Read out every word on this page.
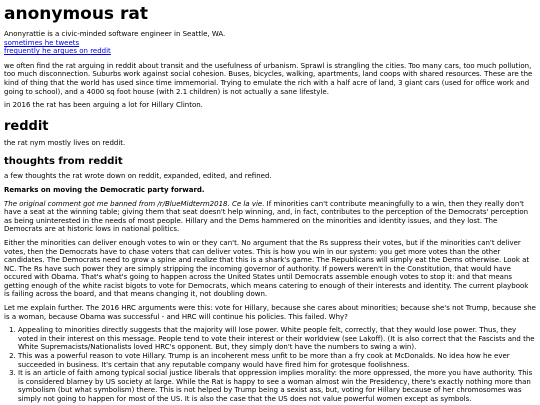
anonymous rat

Anonyrattie is a civic-minded software engineer in Seattle, WA.

sometimes he tweets
frequently he argues on reddit

we often find the rat arguing in reddit about transit and the usefulness of urbanism. Sprawl is strangling the cities. Too many cars, too much pollution, too much disconnection. Suburbs work against social cohesion. Buses, bicycles, walking, apartments, land coops with shared resources. These are the kind of thing that the world has used since time immemorial. Trying to emulate the rich with a half acre of land, 3 giant cars (used for office work and going to school), and a 4000 sq foot house (with 2.1 children) is not actually a sane lifestyle.

in 2016 the rat has been arguing a lot for Hillary Clinton.

reddit

the rat nym mostly lives on reddit.

thoughts from reddit

a few thoughts the rat wrote down on reddit, expanded, edited, and refined.

Remarks on moving the Democratic party forward.

The original comment got me banned from /r/BlueMidterm2018. Ce la vie. If minorities can't contribute meaningfully to a win, then they really don't have a seat at the winning table; giving them that seat doesn't help winning, and, in fact, contributes to the perception of the Democrats' perception as being uninterested in the needs of most people. Hillary and the Dems hammered on the minorities and identity issues, and they lost. The Democrats are at historic lows in national politics.

Either the minorities can deliver enough votes to win or they can't. No argument that the Rs suppress their votes, but if the minorities can't deliver votes, then the Democrats have to chase voters that can deliver votes. This is how you win in our system: you get more votes than the other candidates. The Democrats need to grow a spine and realize that this is a shark's game. The Republicans will simply eat the Dems otherwise. Look at NC. The Rs have such power they are simply stripping the incoming governor of authority. If powers weren't in the Constitution, that would have occured with Obama. That's what's going to happen across the United States until Democrats assemble enough votes to stop it: and that means getting enough of the white racist bigots to vote for Democrats, which means catering to enough of their interests and identity. The current playbook is failing across the board, and that means changing it, not doubling down.

Let me explain further. The 2016 HRC arguments were this: vote for Hillary, because she cares about minorities; because she's not Trump, because she is a woman, because Obama was successful - and HRC will continue his policies. This failed. Why?

1. Appealing to minorities directly suggests that the majority will lose power. White people felt, correctly, that they would lose power. Thus, they voted in their interest on this message. People tend to vote their interest or their worldview (see Lakoff). (It is also correct that the Fascists and the White Supremacists/Nationalists loved HRC's opponent. But, they simply don't have the numbers to swing a win).
2. This was a powerful reason to vote Hillary. Trump is an incoherent mess unfit to be more than a fry cook at McDonalds. No idea how he ever succeeded in business. It's certain that any reputable company would have fired him for grotesque foolishness.
3. It is an article of faith among typical social justice liberals that oppression implies morality: the more oppressed, the more you have authority. This is considered blarney by US society at large. While the Rat is happy to see a woman almost win the Presidency, there's exactly nothing more than symbolism (but what symbolism) there. This is not helped by Trump being a sexist ass, but, voting for Hillary because of her chromosomes was simply not going to happen for most of the US. It is also the case that the US does not value powerful women except as symbols.
